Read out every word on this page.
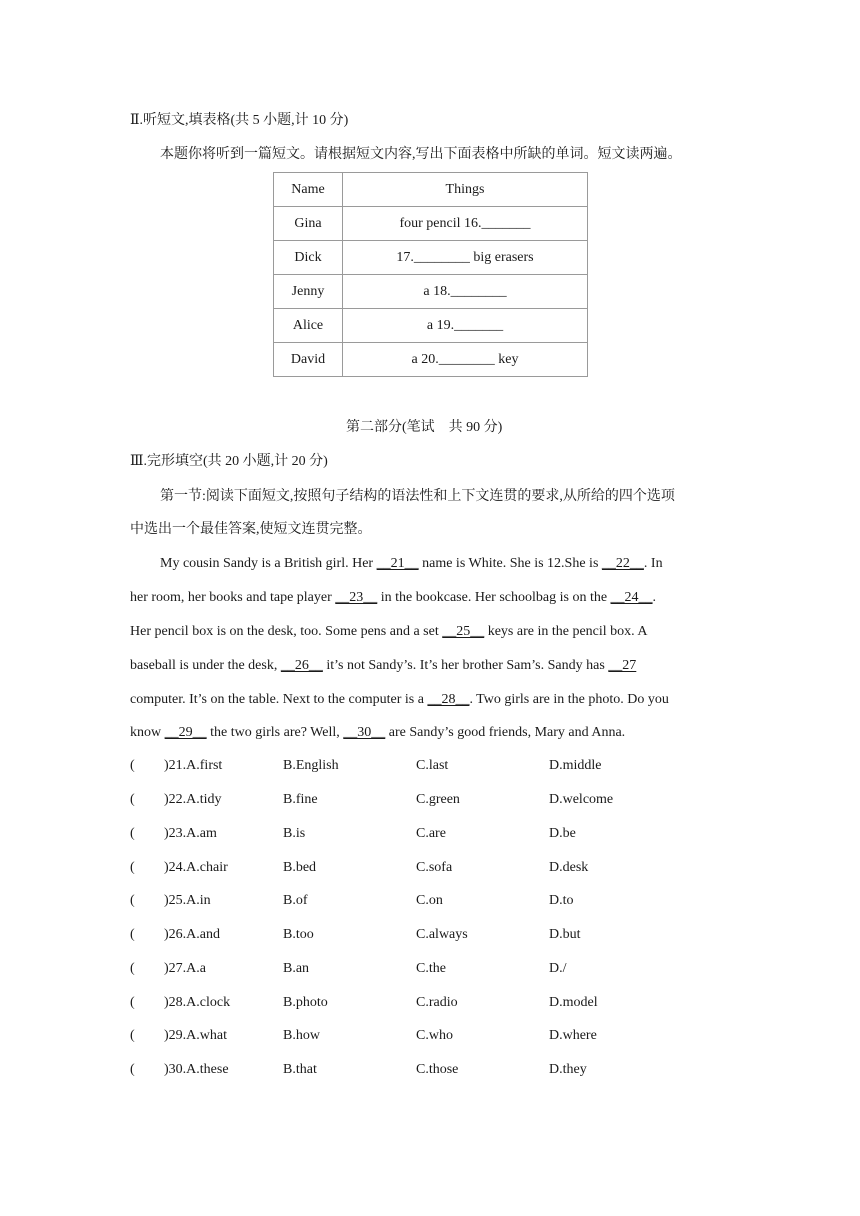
Ⅱ.听短文,填表格(共 5 小题,计 10 分)
本题你将听到一篇短文。请根据短文内容,写出下面表格中所缺的单词。短文读两遍。
Name	Things
Gina	four pencil 16._______
Dick	17.________ big erasers
Jenny	a 18.________
Alice	a 19._______
David	a 20.________ key
第二部分(笔试　共 90 分)
Ⅲ.完形填空(共 20 小题,计 20 分)
第一节:阅读下面短文,按照句子结构的语法性和上下文连贯的要求,从所给的四个选项
中选出一个最佳答案,使短文连贯完整。
My cousin Sandy is a British girl. Her __21__ name is White. She is 12.She is __22__. In
her room, her books and tape player __23__ in the bookcase. Her schoolbag is on the __24__.
Her pencil box is on the desk, too. Some pens and a set __25__ keys are in the pencil box. A
baseball is under the desk, __26__ it’s not Sandy’s. It’s her brother Sam’s. Sandy has __27
computer. It’s on the table. Next to the computer is a __28__. Two girls are in the photo. Do you
know __29__ the two girls are? Well, __30__ are Sandy’s good friends, Mary and Anna.
( )21.A.first	B.English	C.last	D.middle
( )22.A.tidy	B.fine	C.green	D.welcome
( )23.A.am	B.is	C.are	D.be
( )24.A.chair	B.bed	C.sofa	D.desk
( )25.A.in	B.of	C.on	D.to
( )26.A.and	B.too	C.always	D.but
( )27.A.a	B.an	C.the	D./
( )28.A.clock	B.photo	C.radio	D.model
( )29.A.what	B.how	C.who	D.where
( )30.A.these	B.that	C.those	D.they
